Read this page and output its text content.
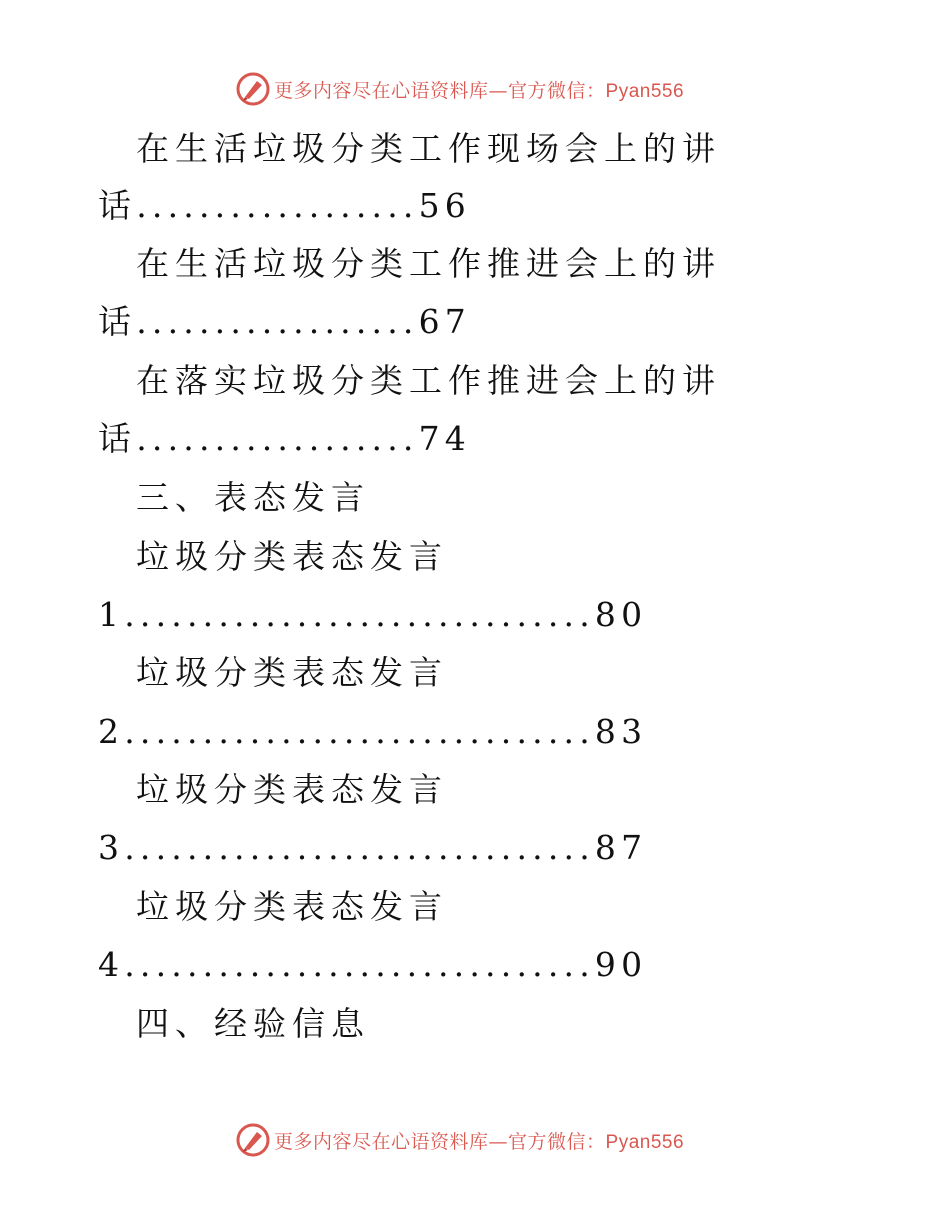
更多内容尽在心语资料库—官方微信：Pyan556
在生活垃圾分类工作现场会上的讲
话..................56
在生活垃圾分类工作推进会上的讲
话..................67
在落实垃圾分类工作推进会上的讲
话..................74
三、表态发言
垃圾分类表态发言
1..............................80
垃圾分类表态发言
2..............................83
垃圾分类表态发言
3..............................87
垃圾分类表态发言
4..............................90
四、经验信息
更多内容尽在心语资料库—官方微信：Pyan556
